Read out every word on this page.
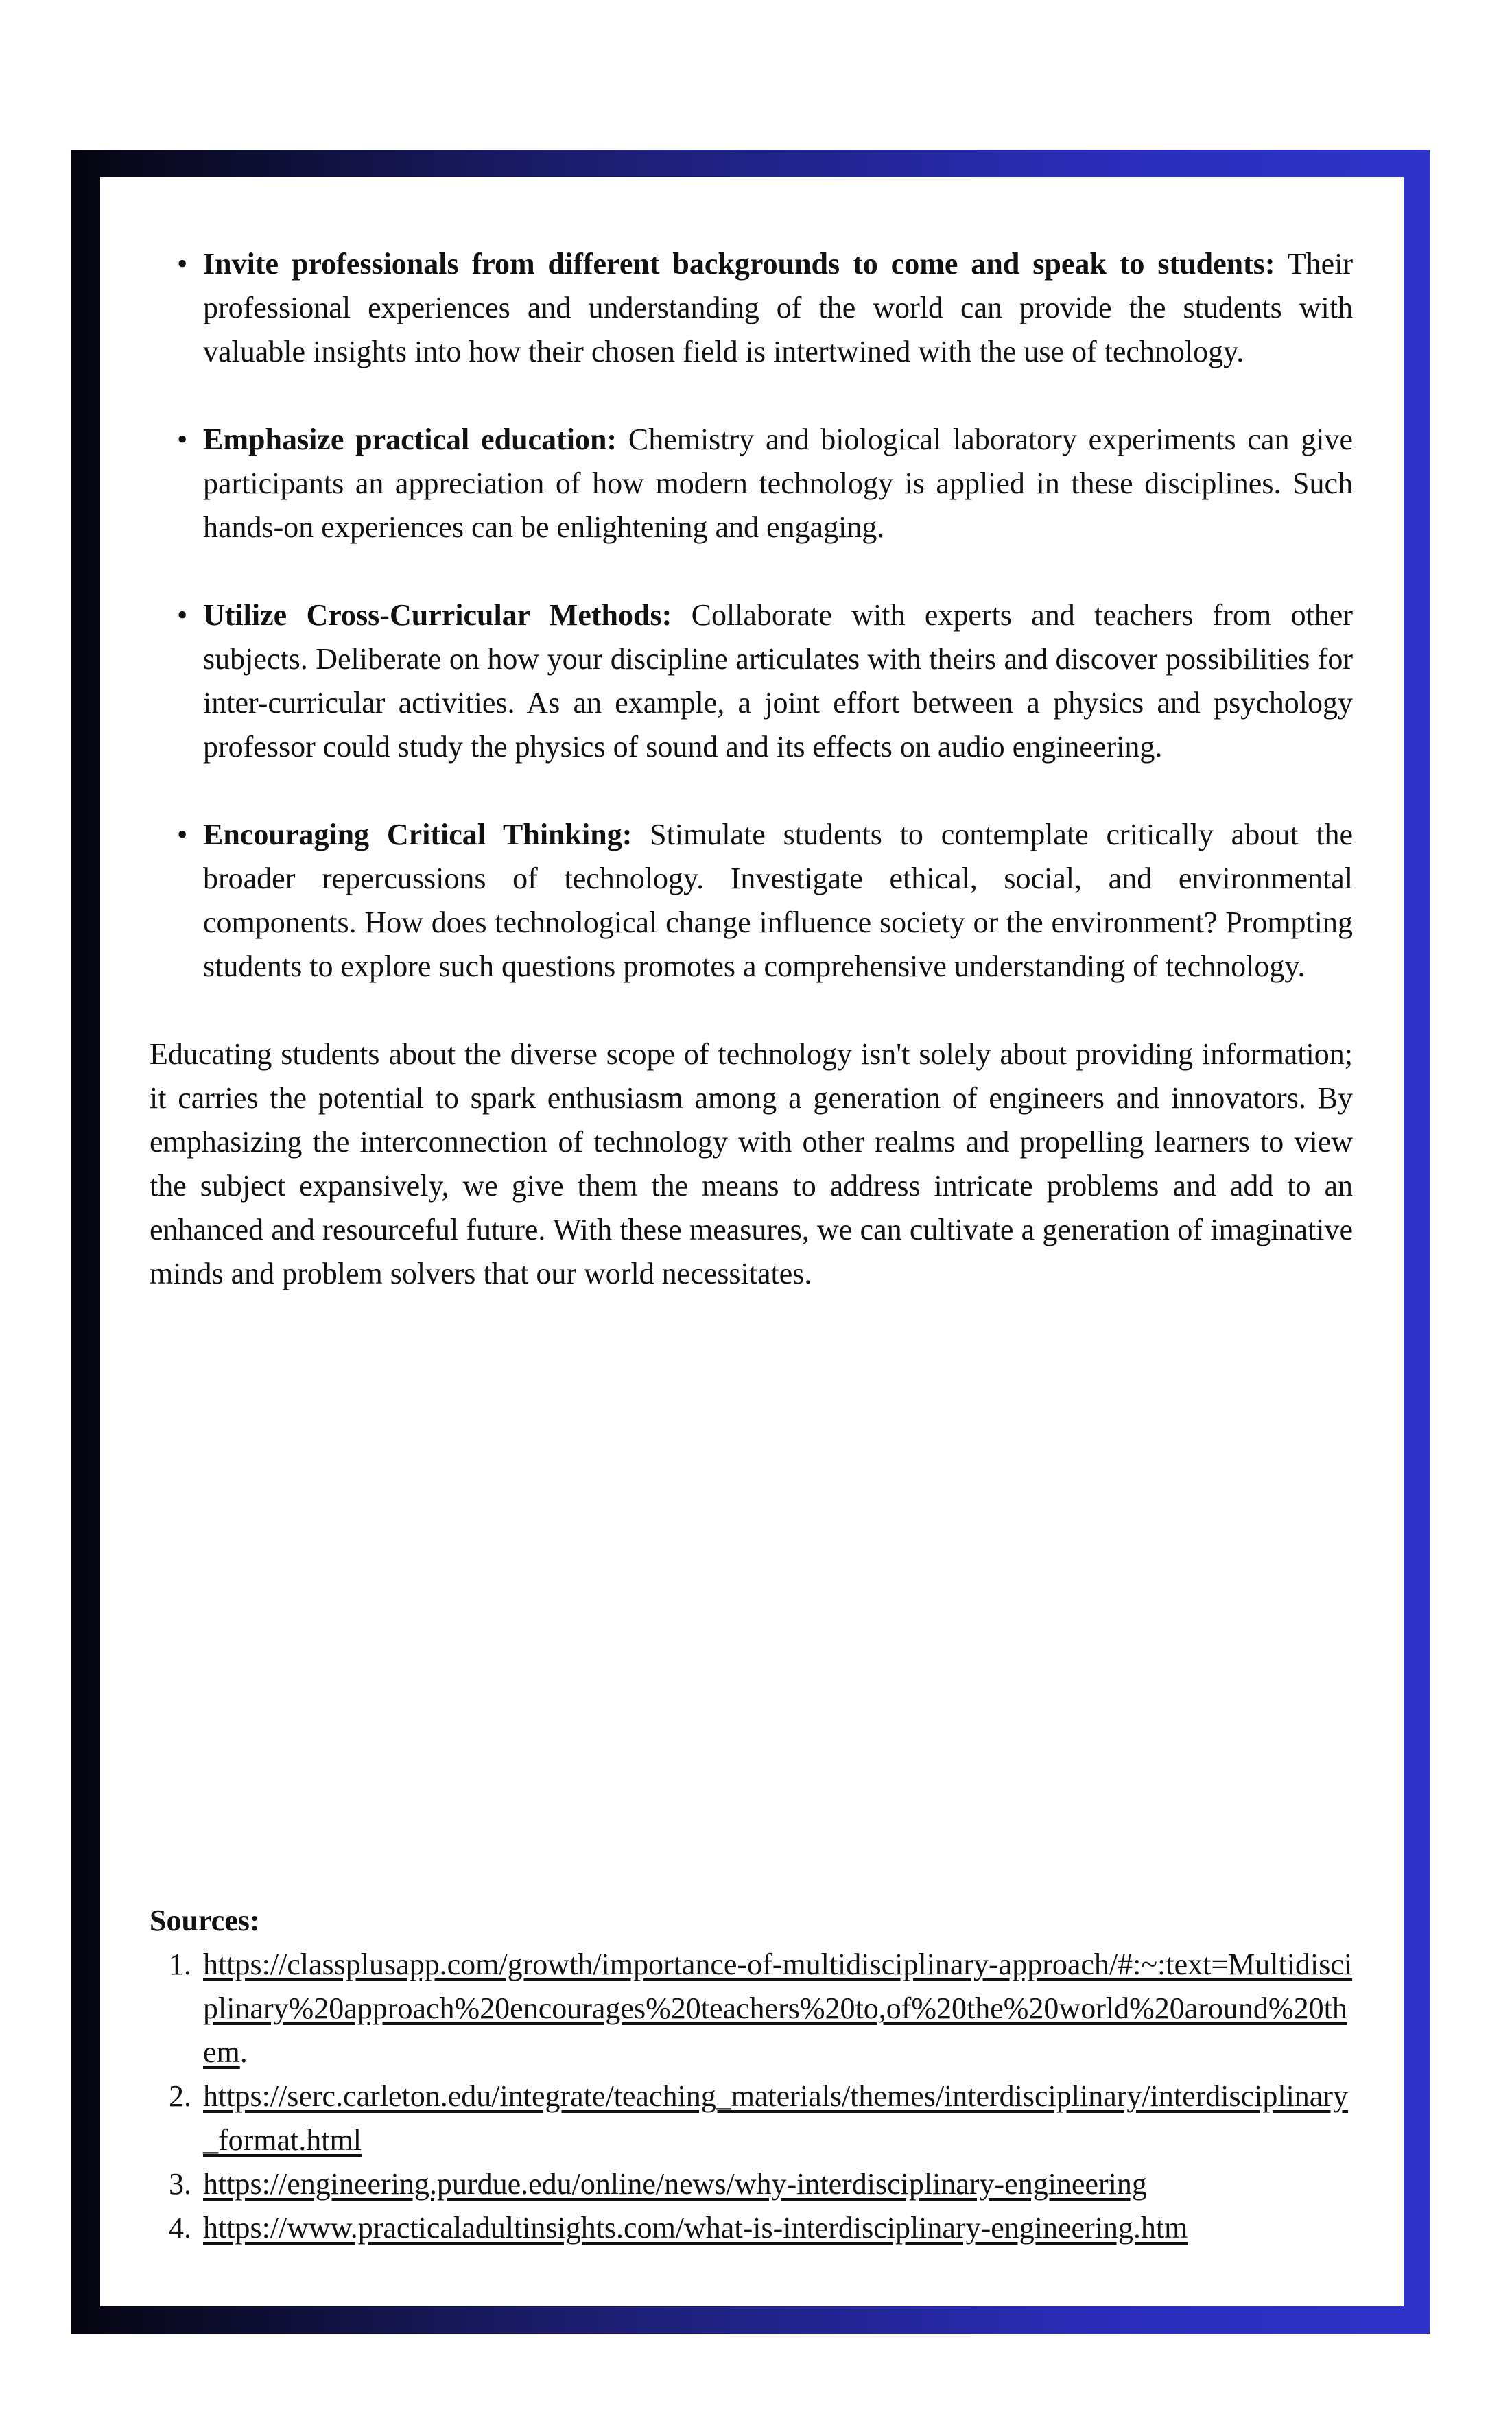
• Invite professionals from different backgrounds to come and speak to students: Their professional experiences and understanding of the world can provide the students with valuable insights into how their chosen field is intertwined with the use of technology.
• Emphasize practical education: Chemistry and biological laboratory experiments can give participants an appreciation of how modern technology is applied in these disciplines. Such hands-on experiences can be enlightening and engaging.
• Utilize Cross-Curricular Methods: Collaborate with experts and teachers from other subjects. Deliberate on how your discipline articulates with theirs and discover possibilities for inter-curricular activities. As an example, a joint effort between a physics and psychology professor could study the physics of sound and its effects on audio engineering.
• Encouraging Critical Thinking: Stimulate students to contemplate critically about the broader repercussions of technology. Investigate ethical, social, and environmental components. How does technological change influence society or the environment? Prompting students to explore such questions promotes a comprehensive understanding of technology.

Educating students about the diverse scope of technology isn't solely about providing information; it carries the potential to spark enthusiasm among a generation of engineers and innovators. By emphasizing the interconnection of technology with other realms and propelling learners to view the subject expansively, we give them the means to address intricate problems and add to an enhanced and resourceful future. With these measures, we can cultivate a generation of imaginative minds and problem solvers that our world necessitates.

Sources:

1. https://classplusapp.com/growth/importance-of-multidisciplinary-approach/#:~:text=Multidisciplinary%20approach%20encourages%20teachers%20to,of%20the%20world%20around%20them.
2. https://serc.carleton.edu/integrate/teaching_materials/themes/interdisciplinary/interdisciplinary_format.html
3. https://engineering.purdue.edu/online/news/why-interdisciplinary-engineering
4. https://www.practicaladultinsights.com/what-is-interdisciplinary-engineering.htm
